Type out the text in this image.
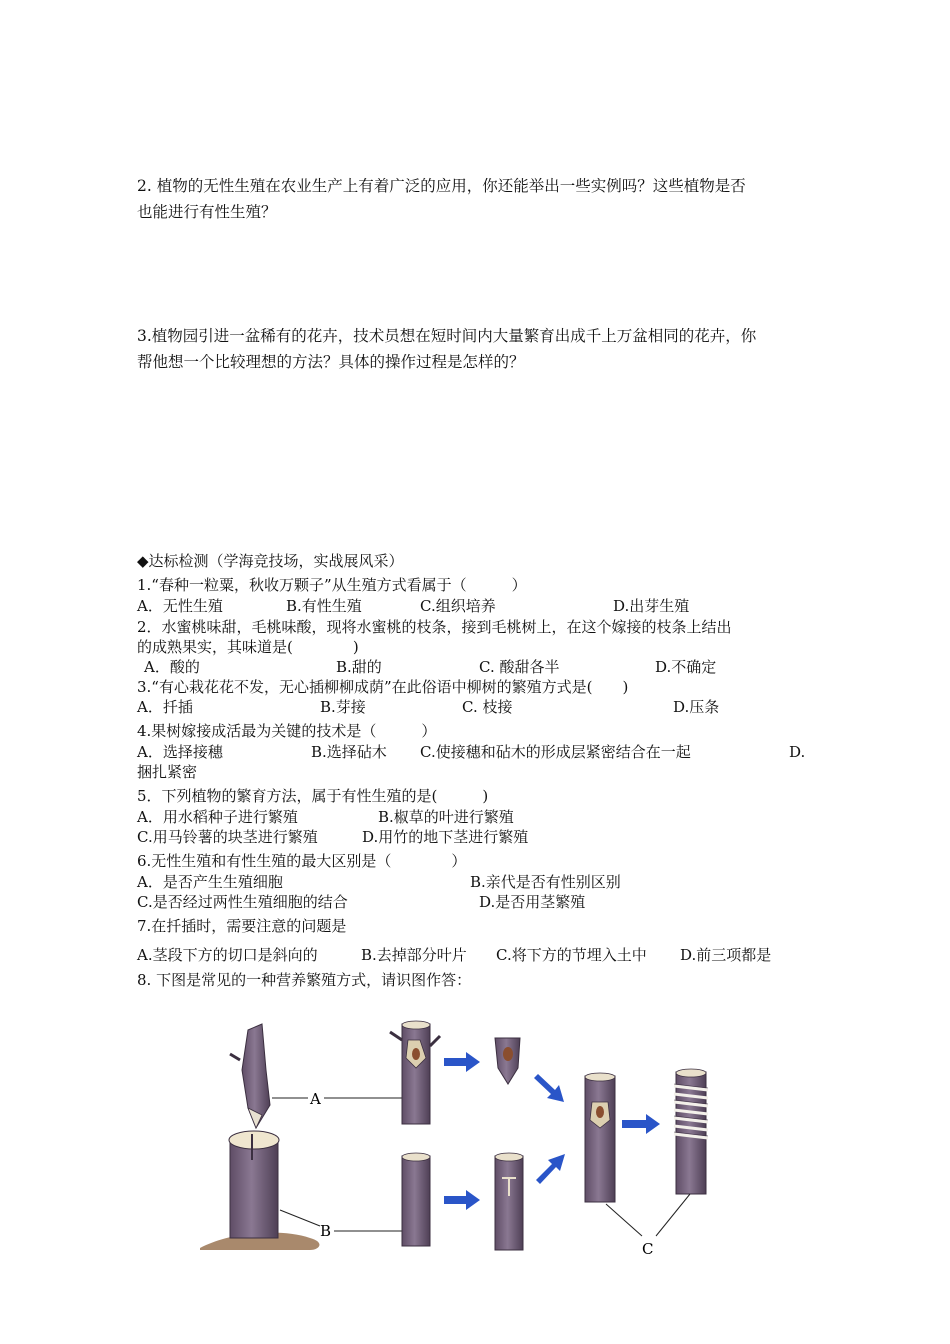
2. 植物的无性生殖在农业生产上有着广泛的应用，你还能举出一些实例吗？这些植物是否
也能进行有性生殖？
3.植物园引进一盆稀有的花卉，技术员想在短时间内大量繁育出成千上万盆相同的花卉，你
帮他想一个比较理想的方法？具体的操作过程是怎样的？
◆达标检测（学海竞技场，实战展风采）
1.“春种一粒粟，秋收万颗子”从生殖方式看属于（　　　）
A．无性生殖	B.有性生殖	C.组织培养	D.出芽生殖
2．水蜜桃味甜，毛桃味酸，现将水蜜桃的枝条，接到毛桃树上，在这个嫁接的枝条上结出
的成熟果实，其味道是(　　　　)
A．酸的	B.甜的	C. 酸甜各半	D.不确定
3.“有心栽花花不发，无心插柳柳成荫”在此俗语中柳树的繁殖方式是(　　)
A．扦插	B.芽接	C. 枝接	D.压条
4.果树嫁接成活最为关键的技术是（　　　）
A．选择接穗	B.选择砧木 C.使接穗和砧木的形成层紧密结合在一起	D.
捆扎紧密
5．下列植物的繁育方法，属于有性生殖的是(　　　)
A．用水稻种子进行繁殖	B.椒草的叶进行繁殖
C.用马铃薯的块茎进行繁殖	D.用竹的地下茎进行繁殖
6.无性生殖和有性生殖的最大区别是（　　　　）
A．是否产生生殖细胞	B.亲代是否有性别区别
C.是否经过两性生殖细胞的结合	D.是否用茎繁殖
7.在扦插时，需要注意的问题是
A.茎段下方的切口是斜向的	B.去掉部分叶片 C.将下方的节埋入土中 D.前三项都是
8. 下图是常见的一种营养繁殖方式，请识图作答：
A
B
C
